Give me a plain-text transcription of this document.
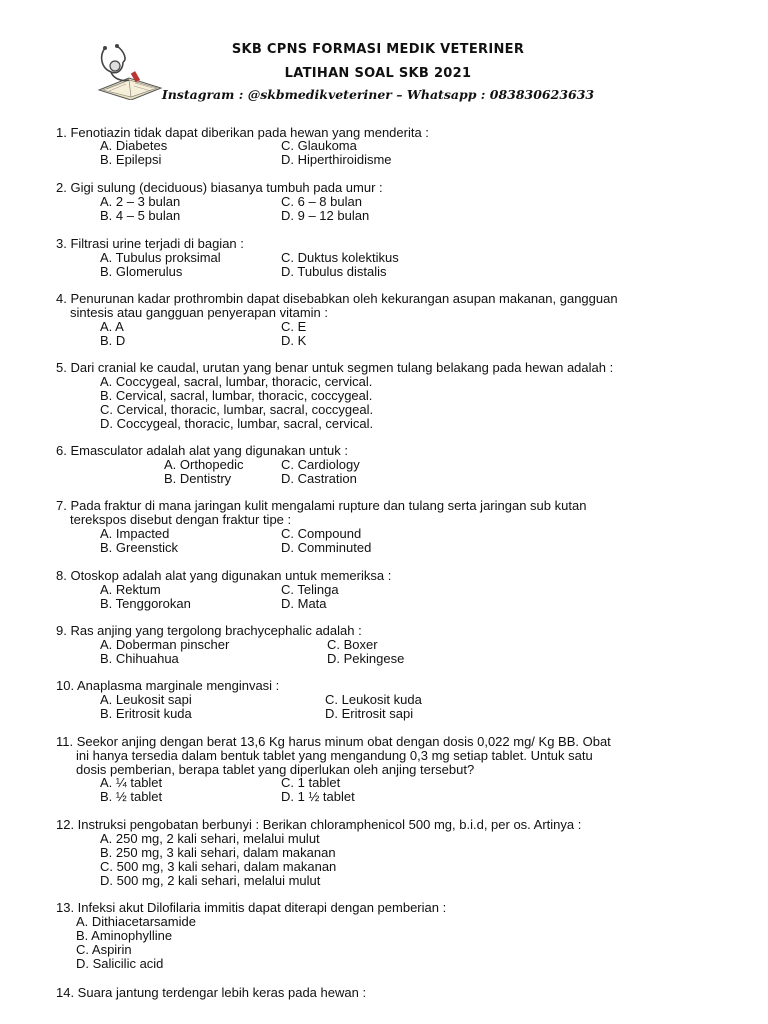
SKB CPNS FORMASI MEDIK VETERINER
LATIHAN SOAL SKB 2021
Instagram : @skbmedikveteriner – Whatsapp : 083830623633
1. Fenotiazin tidak dapat diberikan pada hewan yang menderita :
A. Diabetes	C. Glaukoma
B. Epilepsi	D. Hiperthiroidisme
2. Gigi sulung (deciduous) biasanya tumbuh pada umur :
A. 2 – 3 bulan	C. 6 – 8 bulan
B. 4 – 5 bulan	D. 9 – 12 bulan
3. Filtrasi urine terjadi di bagian :
A. Tubulus proksimal	C. Duktus kolektikus
B. Glomerulus	D. Tubulus distalis
4. Penurunan kadar prothrombin dapat disebabkan oleh kekurangan asupan makanan, gangguan
sintesis atau gangguan penyerapan vitamin :
A. A	C. E
B. D	D. K
5. Dari cranial ke caudal, urutan yang benar untuk segmen tulang belakang pada hewan adalah :
A. Coccygeal, sacral, lumbar, thoracic, cervical.
B. Cervical, sacral, lumbar, thoracic, coccygeal.
C. Cervical, thoracic, lumbar, sacral, coccygeal.
D. Coccygeal, thoracic, lumbar, sacral, cervical.
6. Emasculator adalah alat yang digunakan untuk :
A. Orthopedic	C. Cardiology
B. Dentistry	D. Castration
7. Pada fraktur di mana jaringan kulit mengalami rupture dan tulang serta jaringan sub kutan
terekspos disebut dengan fraktur tipe :
A. Impacted	C. Compound
B. Greenstick	D. Comminuted
8. Otoskop adalah alat yang digunakan untuk memeriksa :
A. Rektum	C. Telinga
B. Tenggorokan	D. Mata
9. Ras anjing yang tergolong brachycephalic adalah :
A. Doberman pinscher	C. Boxer
B. Chihuahua	D. Pekingese
10. Anaplasma marginale menginvasi :
A. Leukosit sapi	C. Leukosit kuda
B. Eritrosit kuda	D. Eritrosit sapi
11. Seekor anjing dengan berat 13,6 Kg harus minum obat dengan dosis 0,022 mg/ Kg BB. Obat
ini hanya tersedia dalam bentuk tablet yang mengandung 0,3 mg setiap tablet. Untuk satu
dosis pemberian, berapa tablet yang diperlukan oleh anjing tersebut?
A. ¼ tablet	C. 1 tablet
B. ½ tablet	D. 1 ½ tablet
12. Instruksi pengobatan berbunyi : Berikan chloramphenicol 500 mg, b.i.d, per os. Artinya :
A. 250 mg, 2 kali sehari, melalui mulut
B. 250 mg, 3 kali sehari, dalam makanan
C. 500 mg, 3 kali sehari, dalam makanan
D. 500 mg, 2 kali sehari, melalui mulut
13. Infeksi akut Dilofilaria immitis dapat diterapi dengan pemberian :
A. Dithiacetarsamide
B. Aminophylline
C. Aspirin
D. Salicilic acid
14. Suara jantung terdengar lebih keras pada hewan :
